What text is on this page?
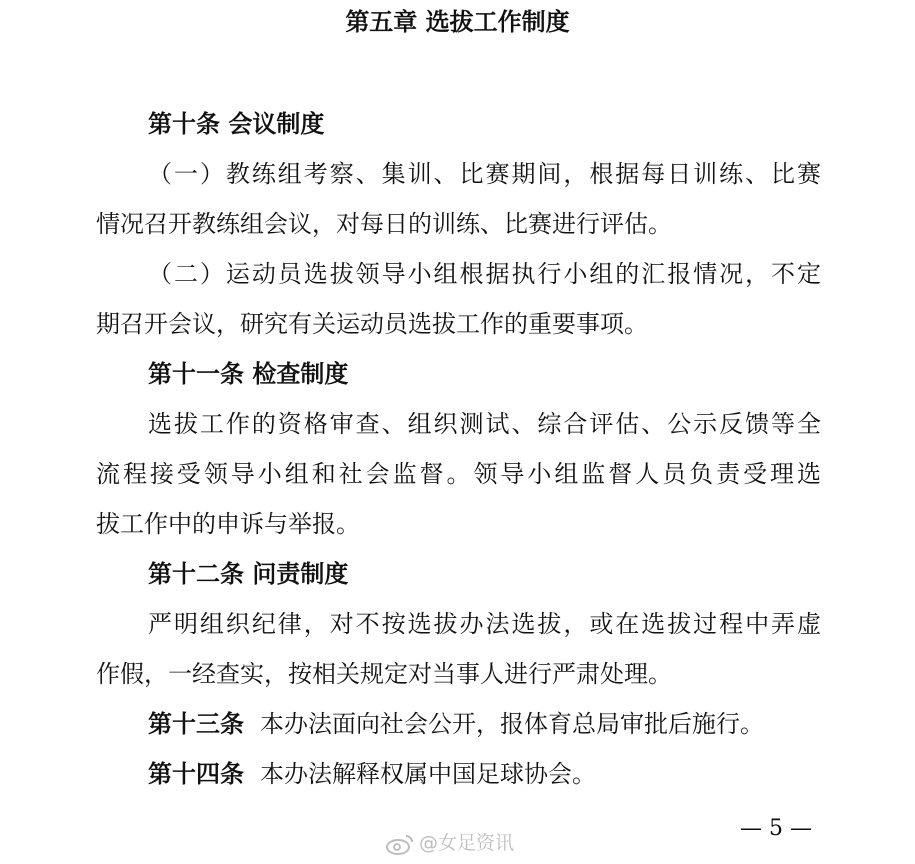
第五章 选拔工作制度
第十条 会议制度
（一）教练组考察、集训、比赛期间，根据每日训练、比赛
情况召开教练组会议，对每日的训练、比赛进行评估。
（二）运动员选拔领导小组根据执行小组的汇报情况，不定
期召开会议，研究有关运动员选拔工作的重要事项。
第十一条 检查制度
选拔工作的资格审查、组织测试、综合评估、公示反馈等全
流程接受领导小组和社会监督。领导小组监督人员负责受理选
拔工作中的申诉与举报。
第十二条 问责制度
严明组织纪律，对不按选拔办法选拔，或在选拔过程中弄虚
作假，一经查实，按相关规定对当事人进行严肃处理。
第十三条 本办法面向社会公开，报体育总局审批后施行。
第十四条 本办法解释权属中国足球协会。
@女足资讯
— 5 —
